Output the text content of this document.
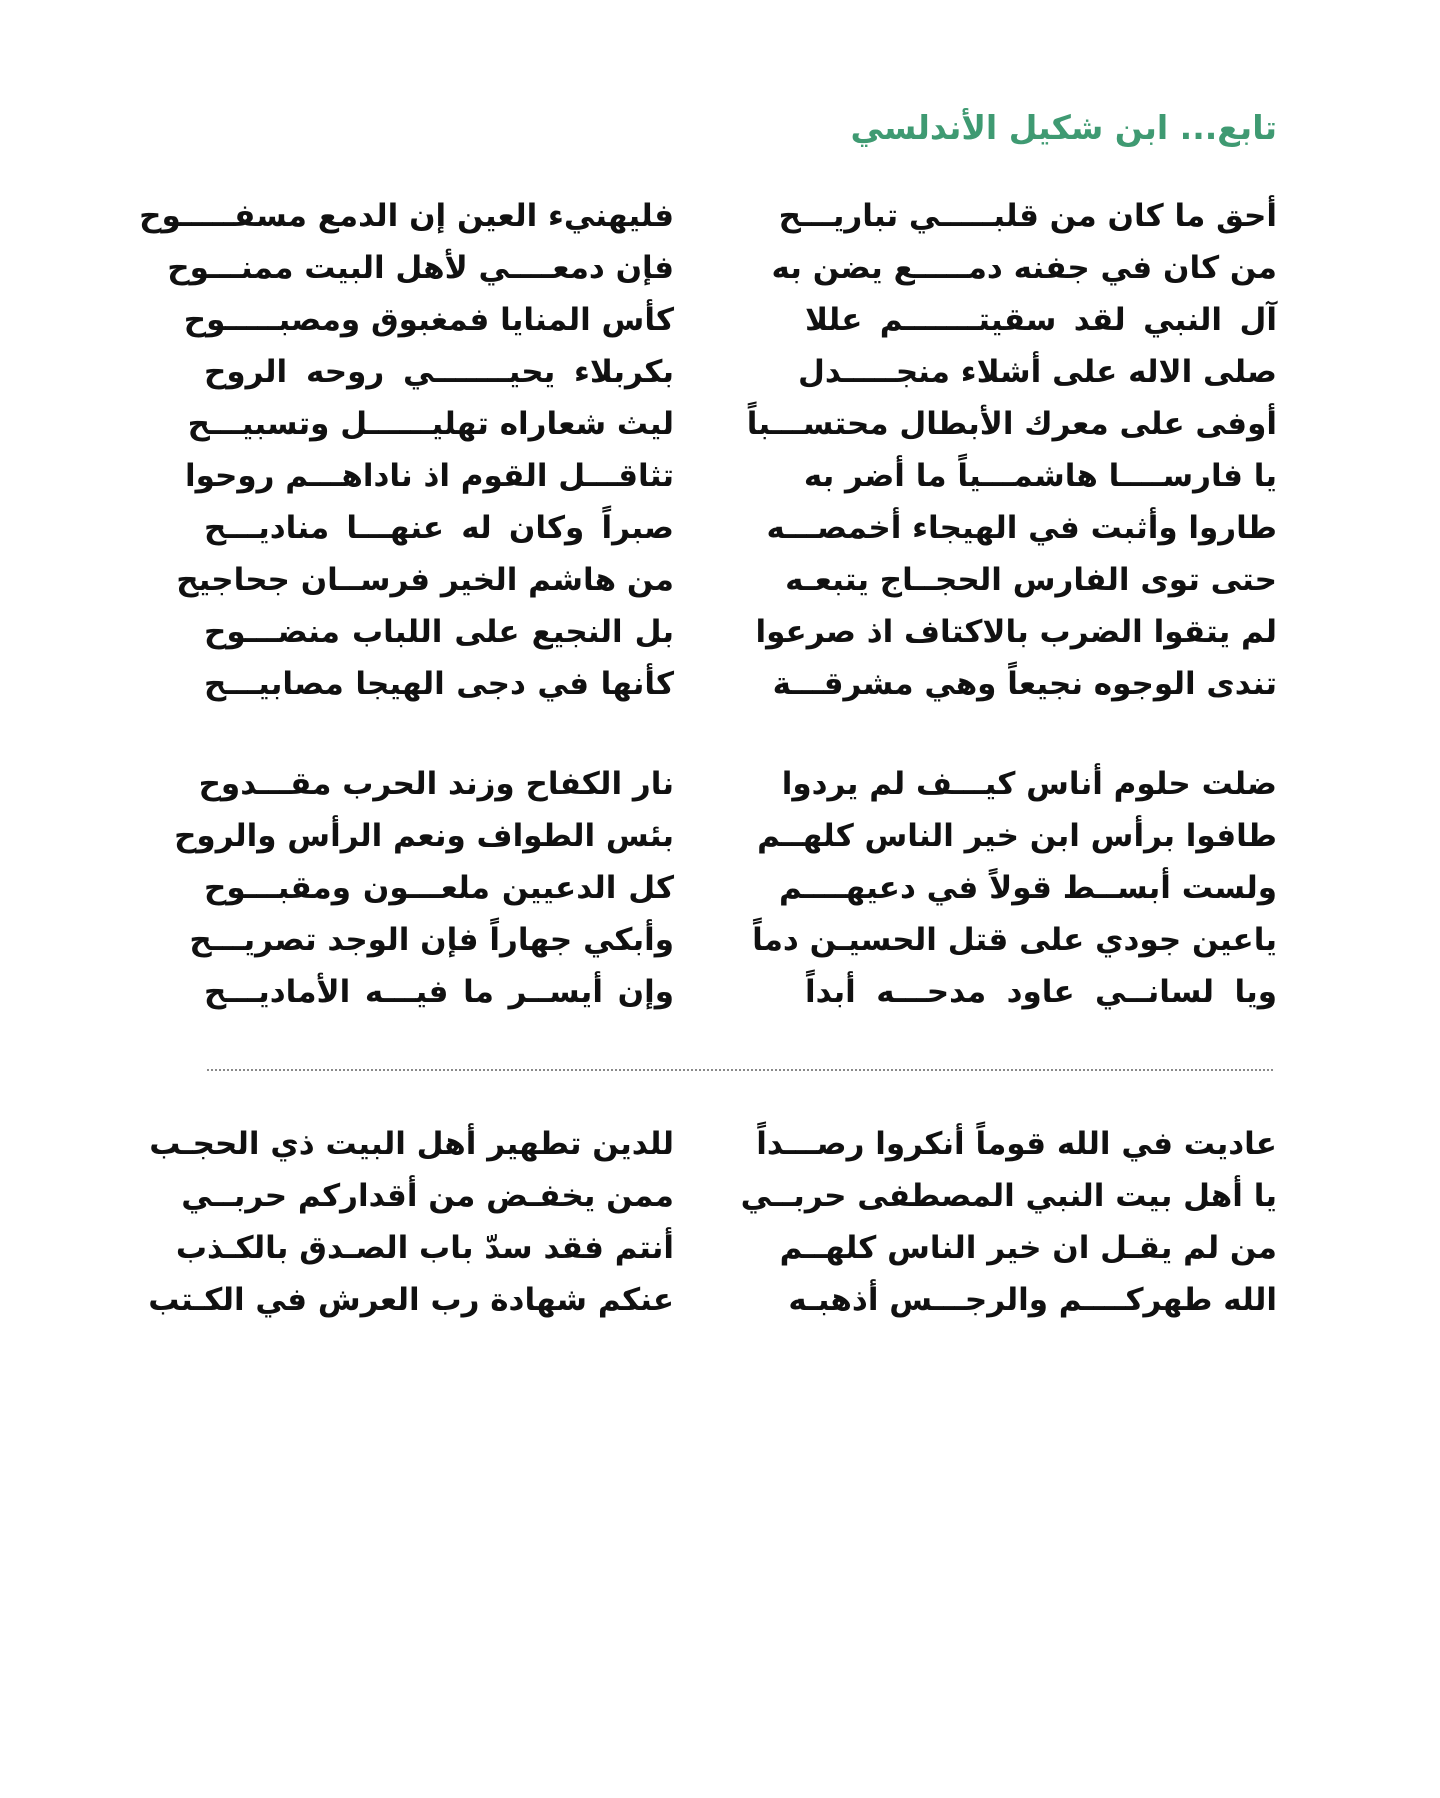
تابع... ابن شكيل الأندلسي
أحق ما كان من قلبـــــي تباريـــح
فليهنيء العين إن الدمع مسفـــــوح
من كان في جفنه دمـــــع يضن به
فإن دمعــــي لأهل البيت ممنـــوح
آل النبي لقد سقيتـــــــم عللا
كأس المنايا فمغبوق ومصبـــــوح
صلى الاله على أشلاء منجـــــدل
بكربلاء يحيـــــــي روحه الروح
أوفى على معرك الأبطال محتســـباً
ليث شعاراه تهليــــــل وتسبيـــح
يا فارســــا هاشمـــياً ما أضر به
تثاقـــل القوم اذ ناداهـــم روحوا
طاروا وأثبت في الهيجاء أخمصـــه
صبراً وكان له عنهـــا مناديـــح
حتى توى الفارس الحجــاج يتبعـه
من هاشم الخير فرســان جحاجيح
لم يتقوا الضرب بالاكتاف اذ صرعوا
بل النجيع على اللباب منضـــوح
تندى الوجوه نجيعاً وهي مشرقـــة
كأنها في دجى الهيجا مصابيـــح
ضلت حلوم أناس كيـــف لم يردوا
نار الكفاح وزند الحرب مقـــدوح
طافوا برأس ابن خير الناس كلهــم
بئس الطواف ونعم الرأس والروح
ولست أبســط قولاً في دعيهــــم
كل الدعيين ملعـــون ومقبـــوح
ياعين جودي على قتل الحسيـن دماً
وأبكي جهاراً فإن الوجد تصريـــح
ويا لسانــي عاود مدحـــه أبداً
وإن أيســر ما فيـــه الأماديـــح
عاديت في الله قوماً أنكروا رصـــداً
للدين تطهير أهل البيت ذي الحجـب
يا أهل بيت النبي المصطفى حربــي
ممن يخفـض من أقداركم حربــي
من لم يقـل ان خير الناس كلهــم
أنتم فقد سدّ باب الصـدق بالكـذب
الله طهركــــم والرجـــس أذهبـه
عنكم شهادة رب العرش في الكـتب
